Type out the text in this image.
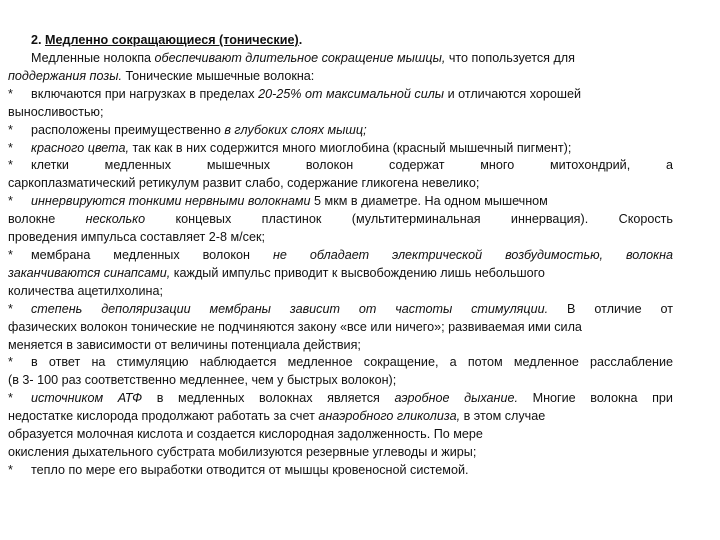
2. Медленно сокращающиеся (тонические).
Медленные нолокпа обеспечивают длительное сокращение мышцы, что попользуется для
поддержания позы. Тонические мышечные волокна:
* включаются при нагрузках в пределах 20-25% от максимальной силы и отличаются хорошей
выносливостью;
* расположены преимущественно в глубоких слоях мышц;
* красного цвета, так как в них содержится много миоглобина (красный мышечный пигмент);
* клетки медленных мышечных волокон содержат много митохондрий, а
саркоплазматический ретикулум развит слабо, содержание гликогена невелико;
* иннервируются тонкими нервными волокнами 5 мкм в диаметре. На одном мышечном
волокне несколько концевых пластинок (мультитерминальная иннервация). Скорость
проведения импульса составляет 2-8 м/сек;
* мембрана медленных волокон не обладает электрической возбудимостью, волокна
заканчиваются синапсами, каждый импульс приводит к высвобождению лишь небольшого
количества ацетилхолина;
* степень деполяризации мембраны зависит от частоты стимуляции. В отличие от
фазических волокон тонические не подчиняются закону «все или ничего»; развиваемая ими сила
меняется в зависимости от величины потенциала действия;
* в ответ на стимуляцию наблюдается медленное сокращение, а потом медленное расслабление
(в 3- 100 раз соответственно медленнее, чем у быстрых волокон);
* источником АТФ в медленных волокнах является аэробное дыхание. Многие волокна при
недостатке кислорода продолжают работать за счет анаэробного гликолиза, в этом случае
образуется молочная кислота и создается кислородная задолженность. По мере
окисления дыхательного субстрата мобилизуются резервные углеводы и жиры;
* тепло по мере его выработки отводится от мышцы кровеносной системой.
